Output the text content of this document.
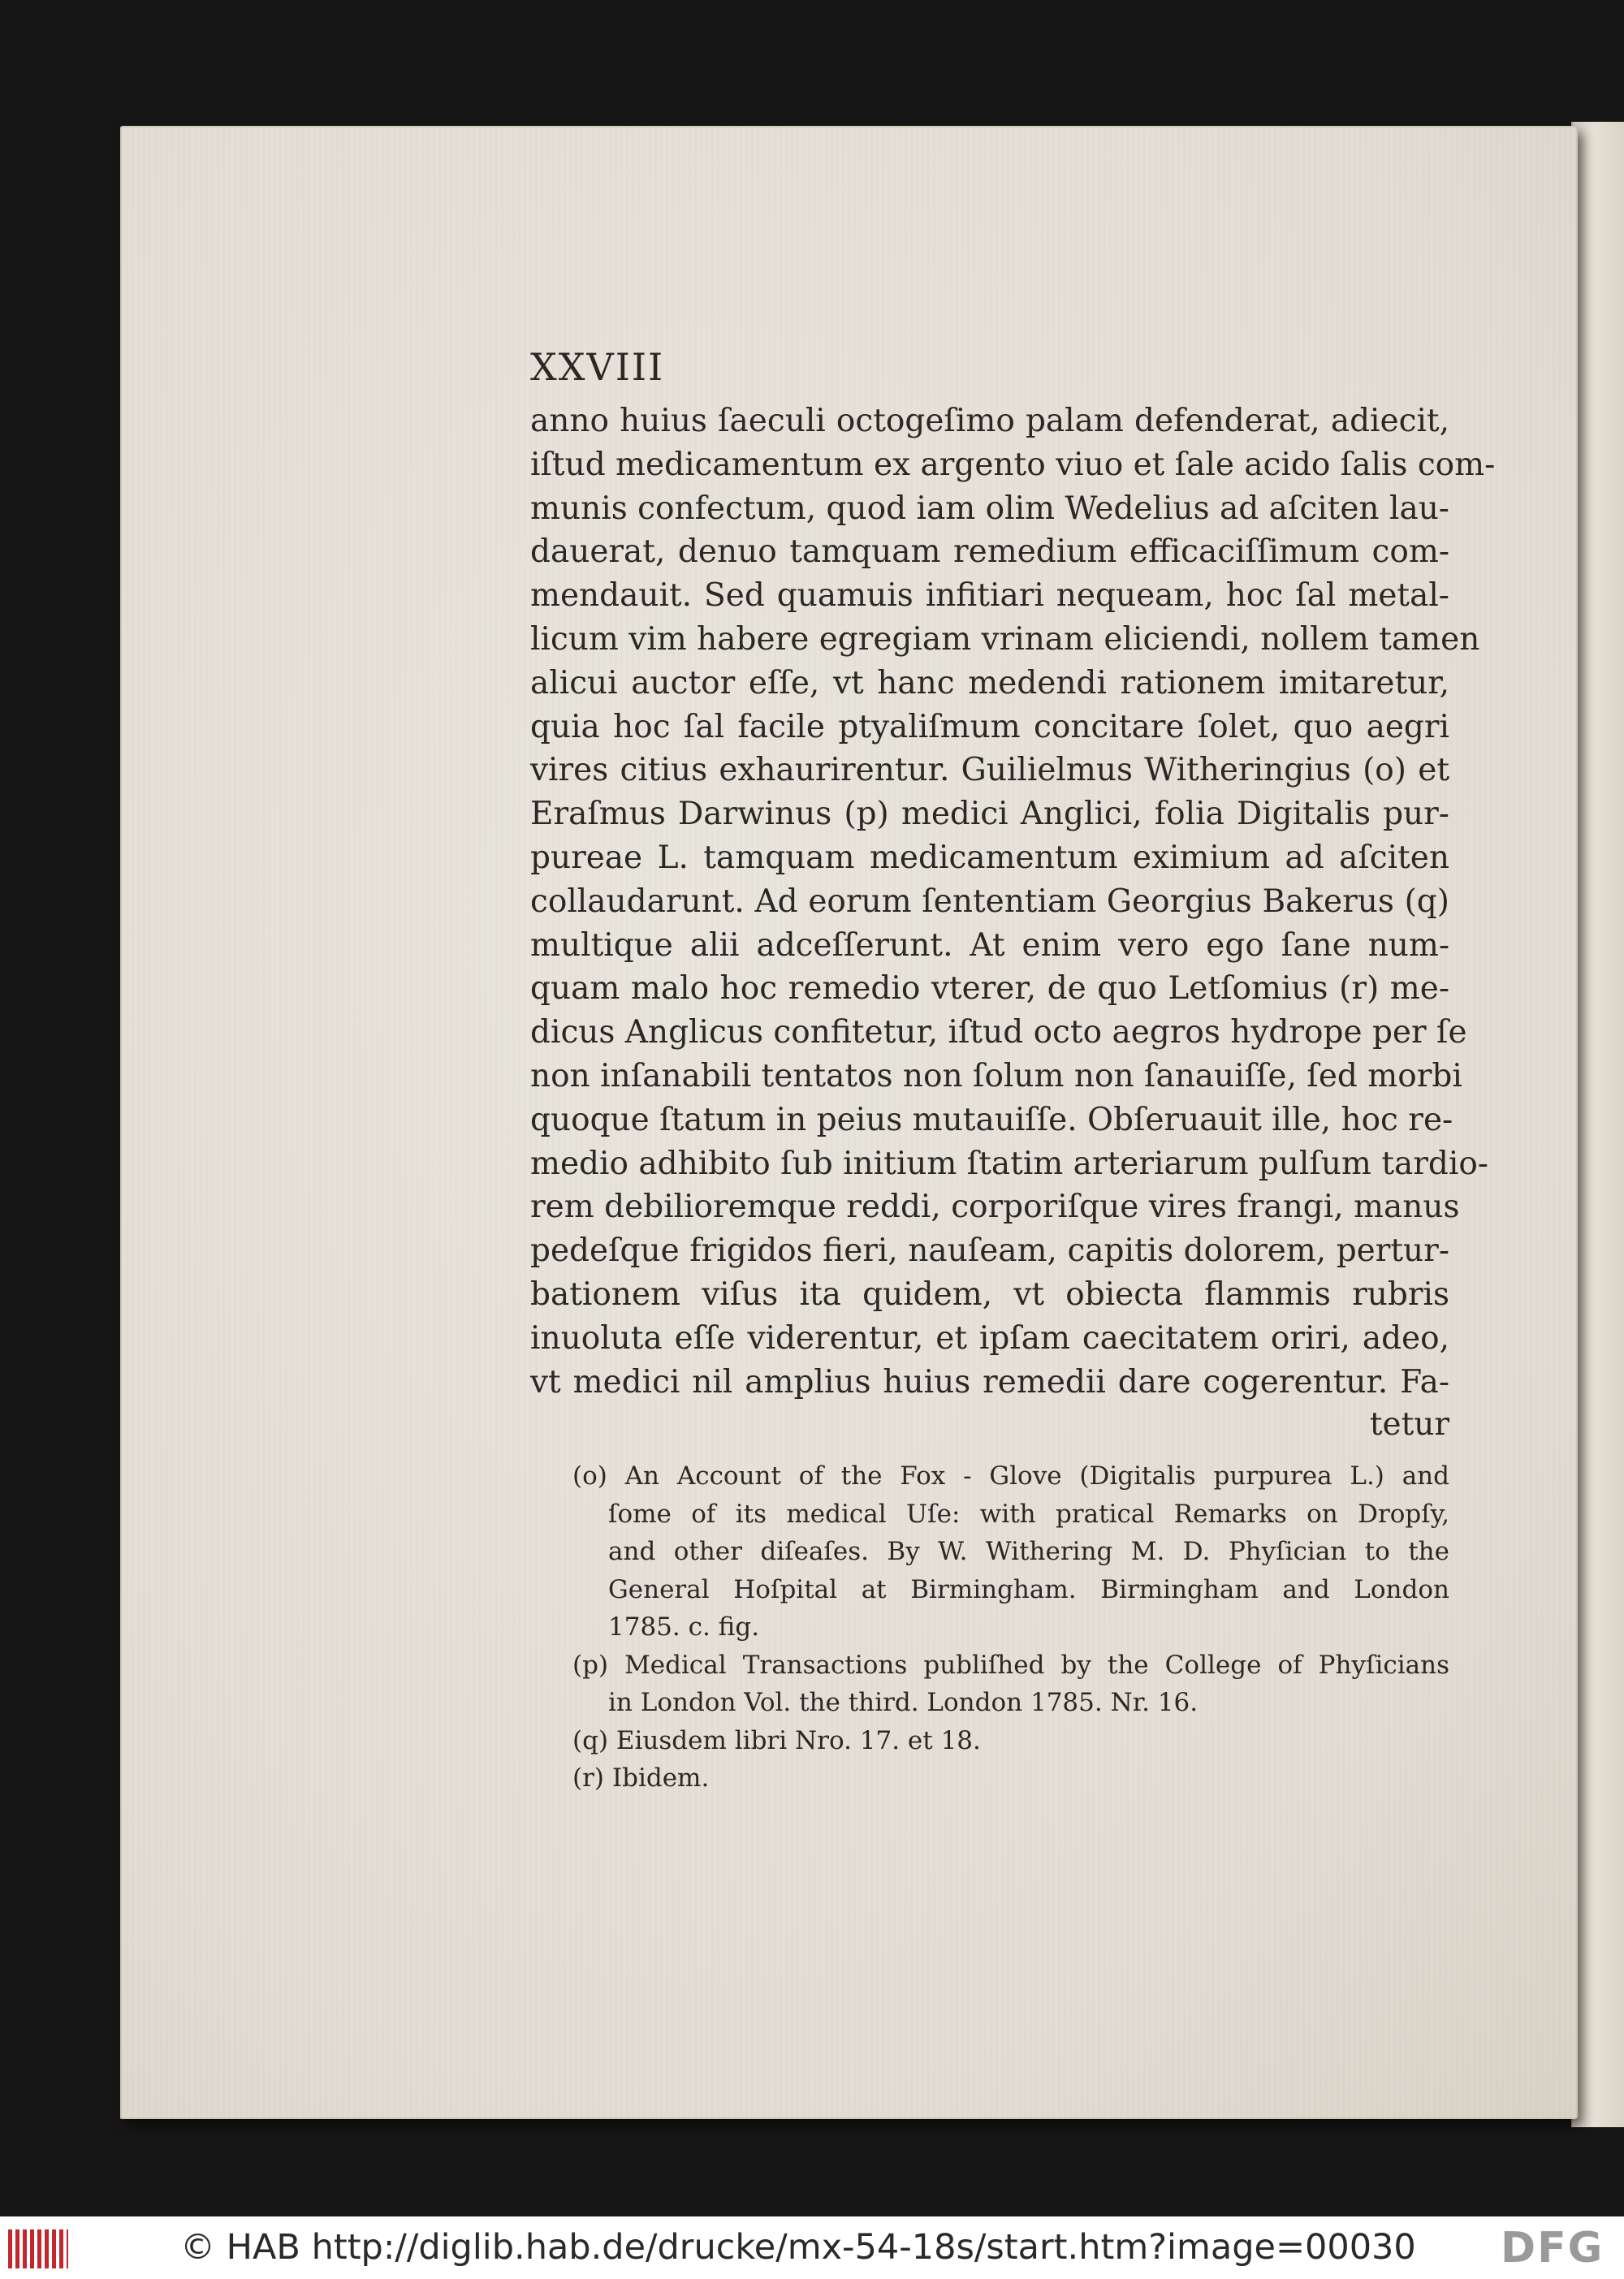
XXVIII
anno huius ſaeculi octogeſimo palam defenderat, adiecit,
iſtud medicamentum ex argento viuo et ſale acido ſalis com-
munis confectum, quod iam olim Wedelius ad aſciten lau-
dauerat, denuo tamquam remedium efficaciſſimum com-
mendauit. Sed quamuis infitiari nequeam, hoc ſal metal-
licum vim habere egregiam vrinam eliciendi, nollem tamen
alicui auctor eſſe, vt hanc medendi rationem imitaretur,
quia hoc ſal facile ptyaliſmum concitare ſolet, quo aegri
vires citius exhaurirentur. Guilielmus Witheringius (o) et
Eraſmus Darwinus (p) medici Anglici, folia Digitalis pur-
pureae L. tamquam medicamentum eximium ad aſciten
collaudarunt. Ad eorum ſententiam Georgius Bakerus (q)
multique alii adceſſerunt. At enim vero ego ſane num-
quam malo hoc remedio vterer, de quo Letſomius (r) me-
dicus Anglicus confitetur, iſtud octo aegros hydrope per ſe
non inſanabili tentatos non ſolum non ſanauiſſe, ſed morbi
quoque ſtatum in peius mutauiſſe. Obſeruauit ille, hoc re-
medio adhibito ſub initium ſtatim arteriarum pulſum tardio-
rem debilioremque reddi, corporiſque vires frangi, manus
pedeſque frigidos fieri, nauſeam, capitis dolorem, pertur-
bationem viſus ita quidem, vt obiecta flammis rubris
inuoluta eſſe viderentur, et ipſam caecitatem oriri, adeo,
vt medici nil amplius huius remedii dare cogerentur. Fa-
tetur
(o) An Account of the Fox - Glove (Digitalis purpurea L.) and
ſome of its medical Uſe: with pratical Remarks on Dropſy,
and other diſeaſes. By W. Withering M. D. Phyſician to the
General Hoſpital at Birmingham. Birmingham and London
1785. c. fig.
(p) Medical Transactions publiſhed by the College of Phyſicians
in London Vol. the third. London 1785. Nr. 16.
(q) Eiusdem libri Nro. 17. et 18.
(r) Ibidem.
© HAB http://diglib.hab.de/drucke/mx-54-18s/start.htm?image=00030 DFG
